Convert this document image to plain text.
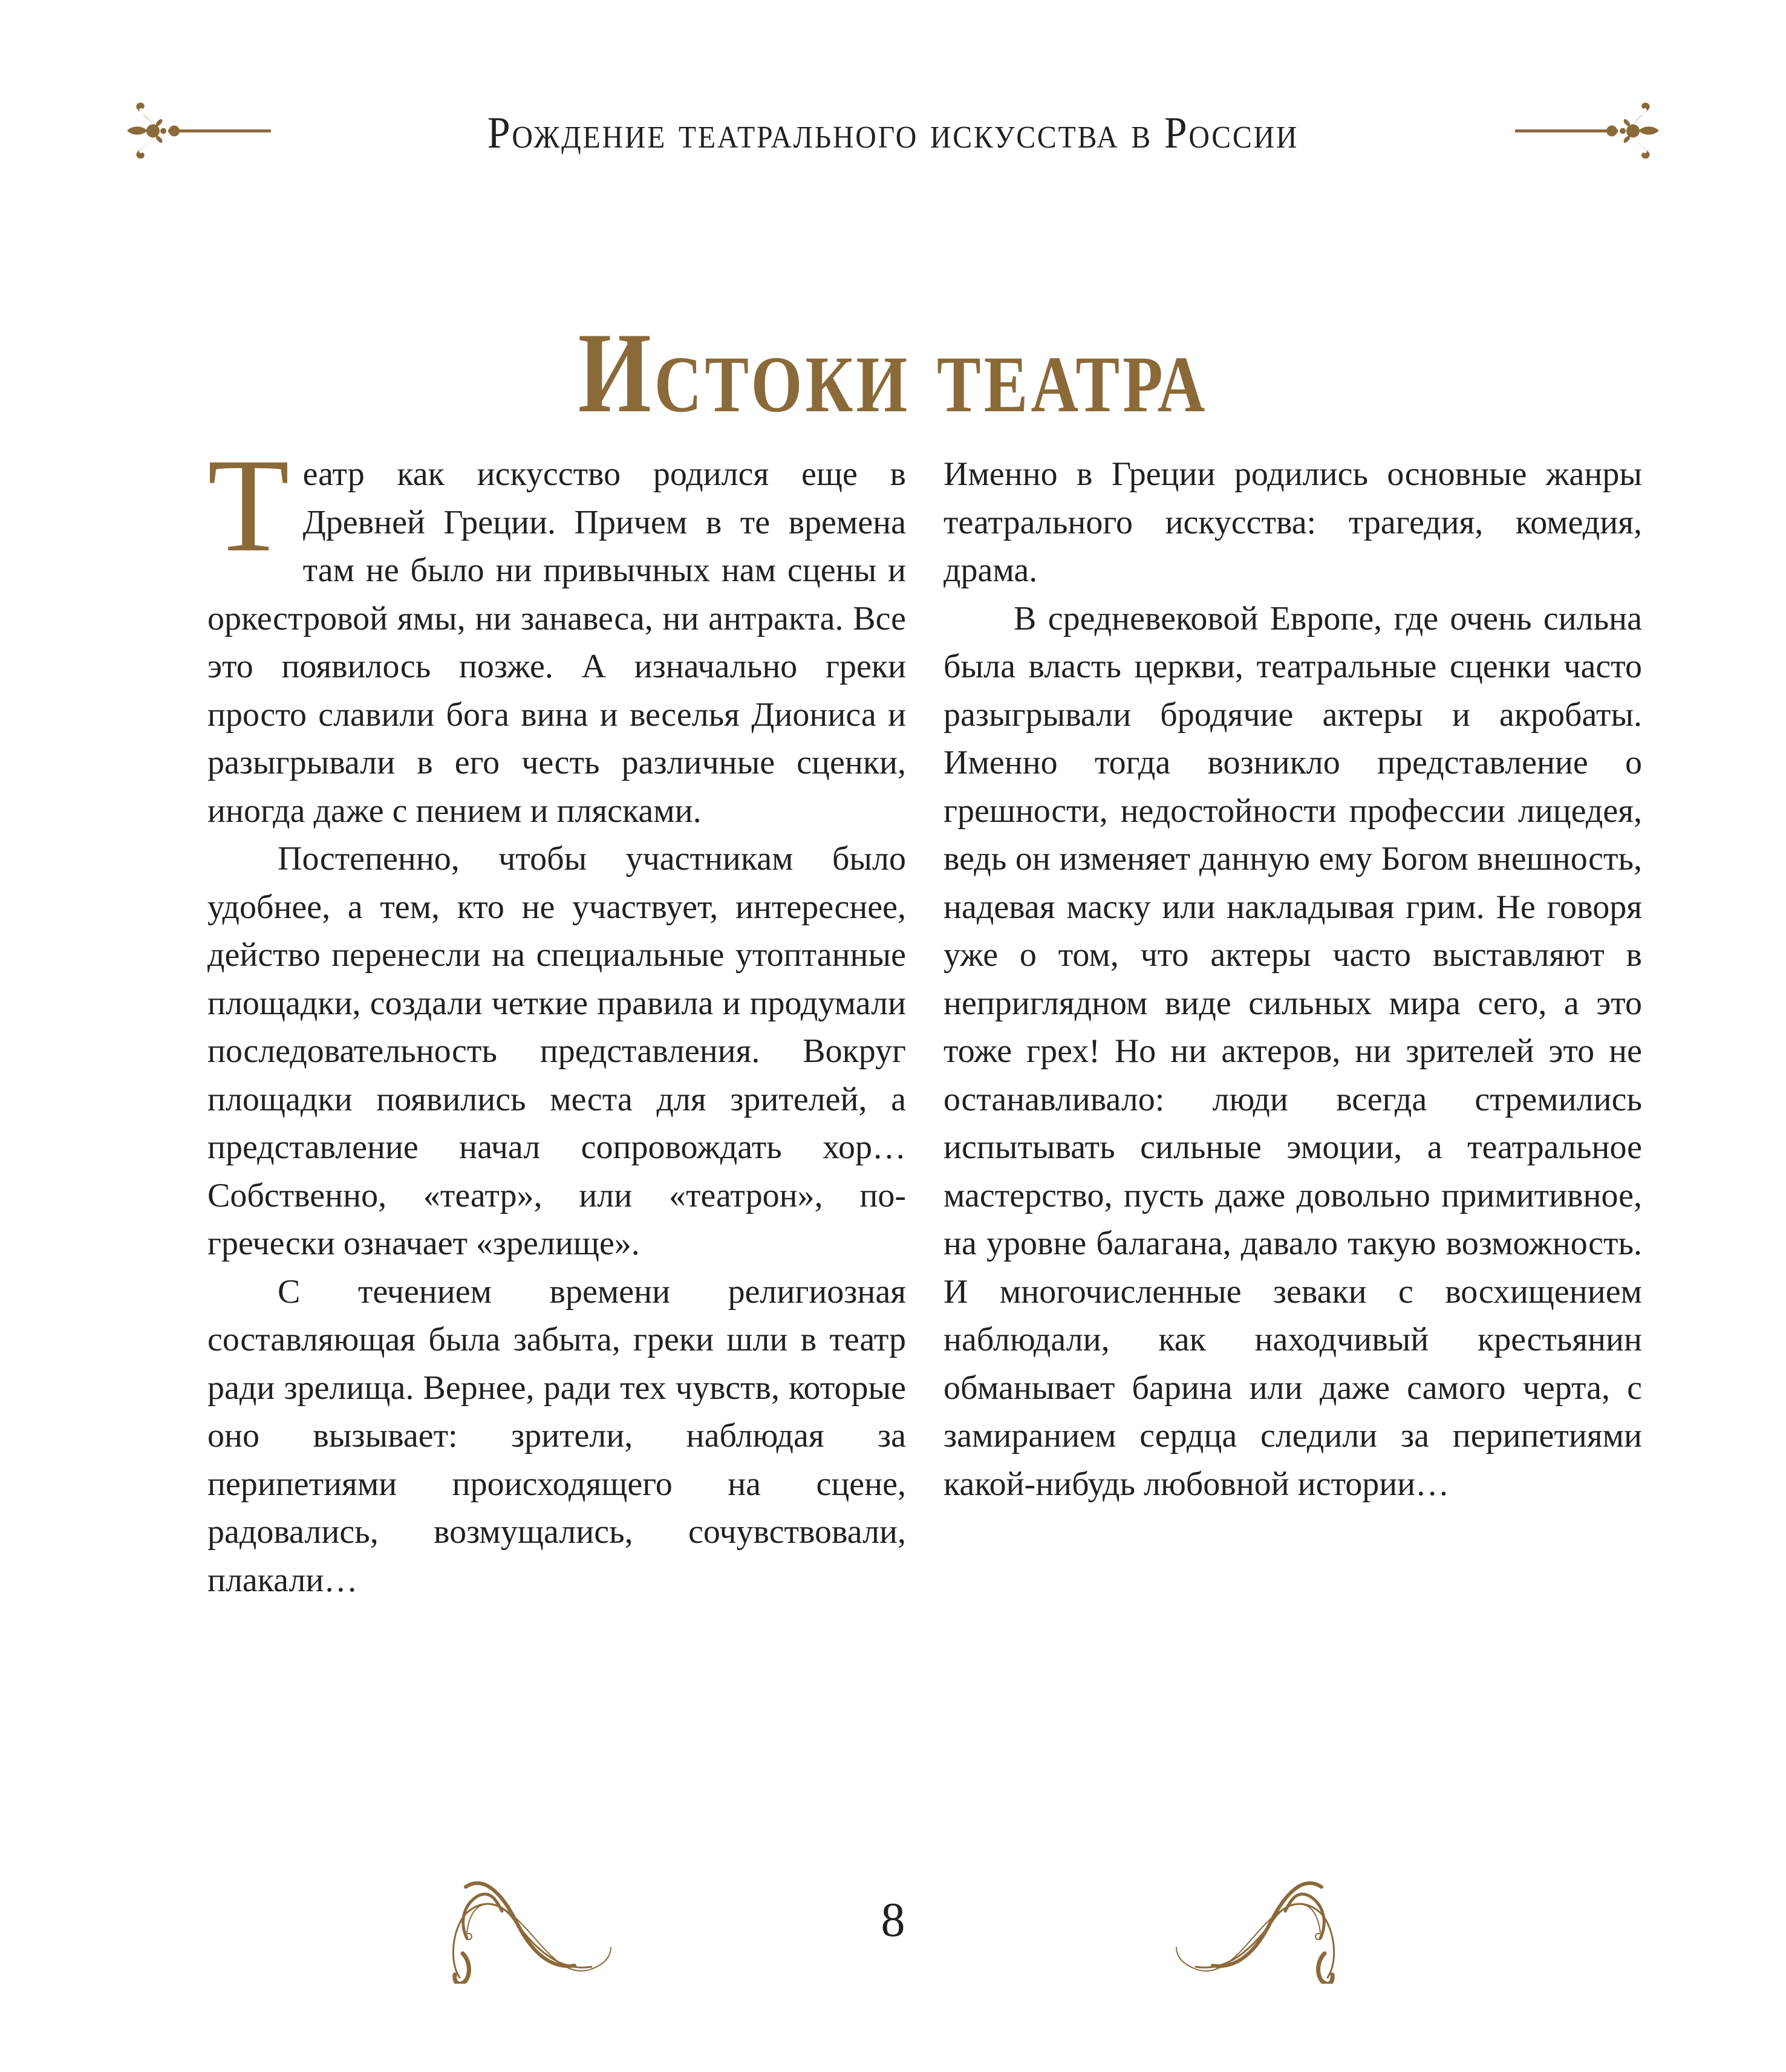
Рождение театрального искусства в России
Истоки театра

Театр как искусство родился еще в Древней Греции. Причем в те времена там не было ни привычных нам сцены и оркестровой ямы, ни занавеса, ни антракта. Все это появилось позже. А изначально греки просто славили бога вина и веселья Диониса и разыгрывали в его честь различные сценки, иногда даже с пением и плясками.

Постепенно, чтобы участникам было удобнее, а тем, кто не участвует, интереснее, действо перенесли на специальные утоптанные площадки, создали четкие правила и продумали последовательность представления. Вокруг площадки появились места для зрителей, а представление начал сопровождать хор… Собственно, «театр», или «театрон», по-гречески означает «зрелище».

С течением времени религиозная составляющая была забыта, греки шли в театр ради зрелища. Вернее, ради тех чувств, которые оно вызывает: зрители, наблюдая за перипетиями происходящего на сцене, радовались, возмущались, сочувствовали, плакали…

Именно в Греции родились основные жанры театрального искусства: трагедия, комедия, драма.

В средневековой Европе, где очень сильна была власть церкви, театральные сценки часто разыгрывали бродячие актеры и акробаты. Именно тогда возникло представление о грешности, недостойности профессии лицедея, ведь он изменяет данную ему Богом внешность, надевая маску или накладывая грим. Не говоря уже о том, что актеры часто выставляют в неприглядном виде сильных мира сего, а это тоже грех! Но ни актеров, ни зрителей это не останавливало: люди всегда стремились испытывать сильные эмоции, а театральное мастерство, пусть даже довольно примитивное, на уровне балагана, давало такую возможность. И многочисленные зеваки с восхищением наблюдали, как находчивый крестьянин обманывает барина или даже самого черта, с замиранием сердца следили за перипетиями какой-нибудь любовной истории…

8
